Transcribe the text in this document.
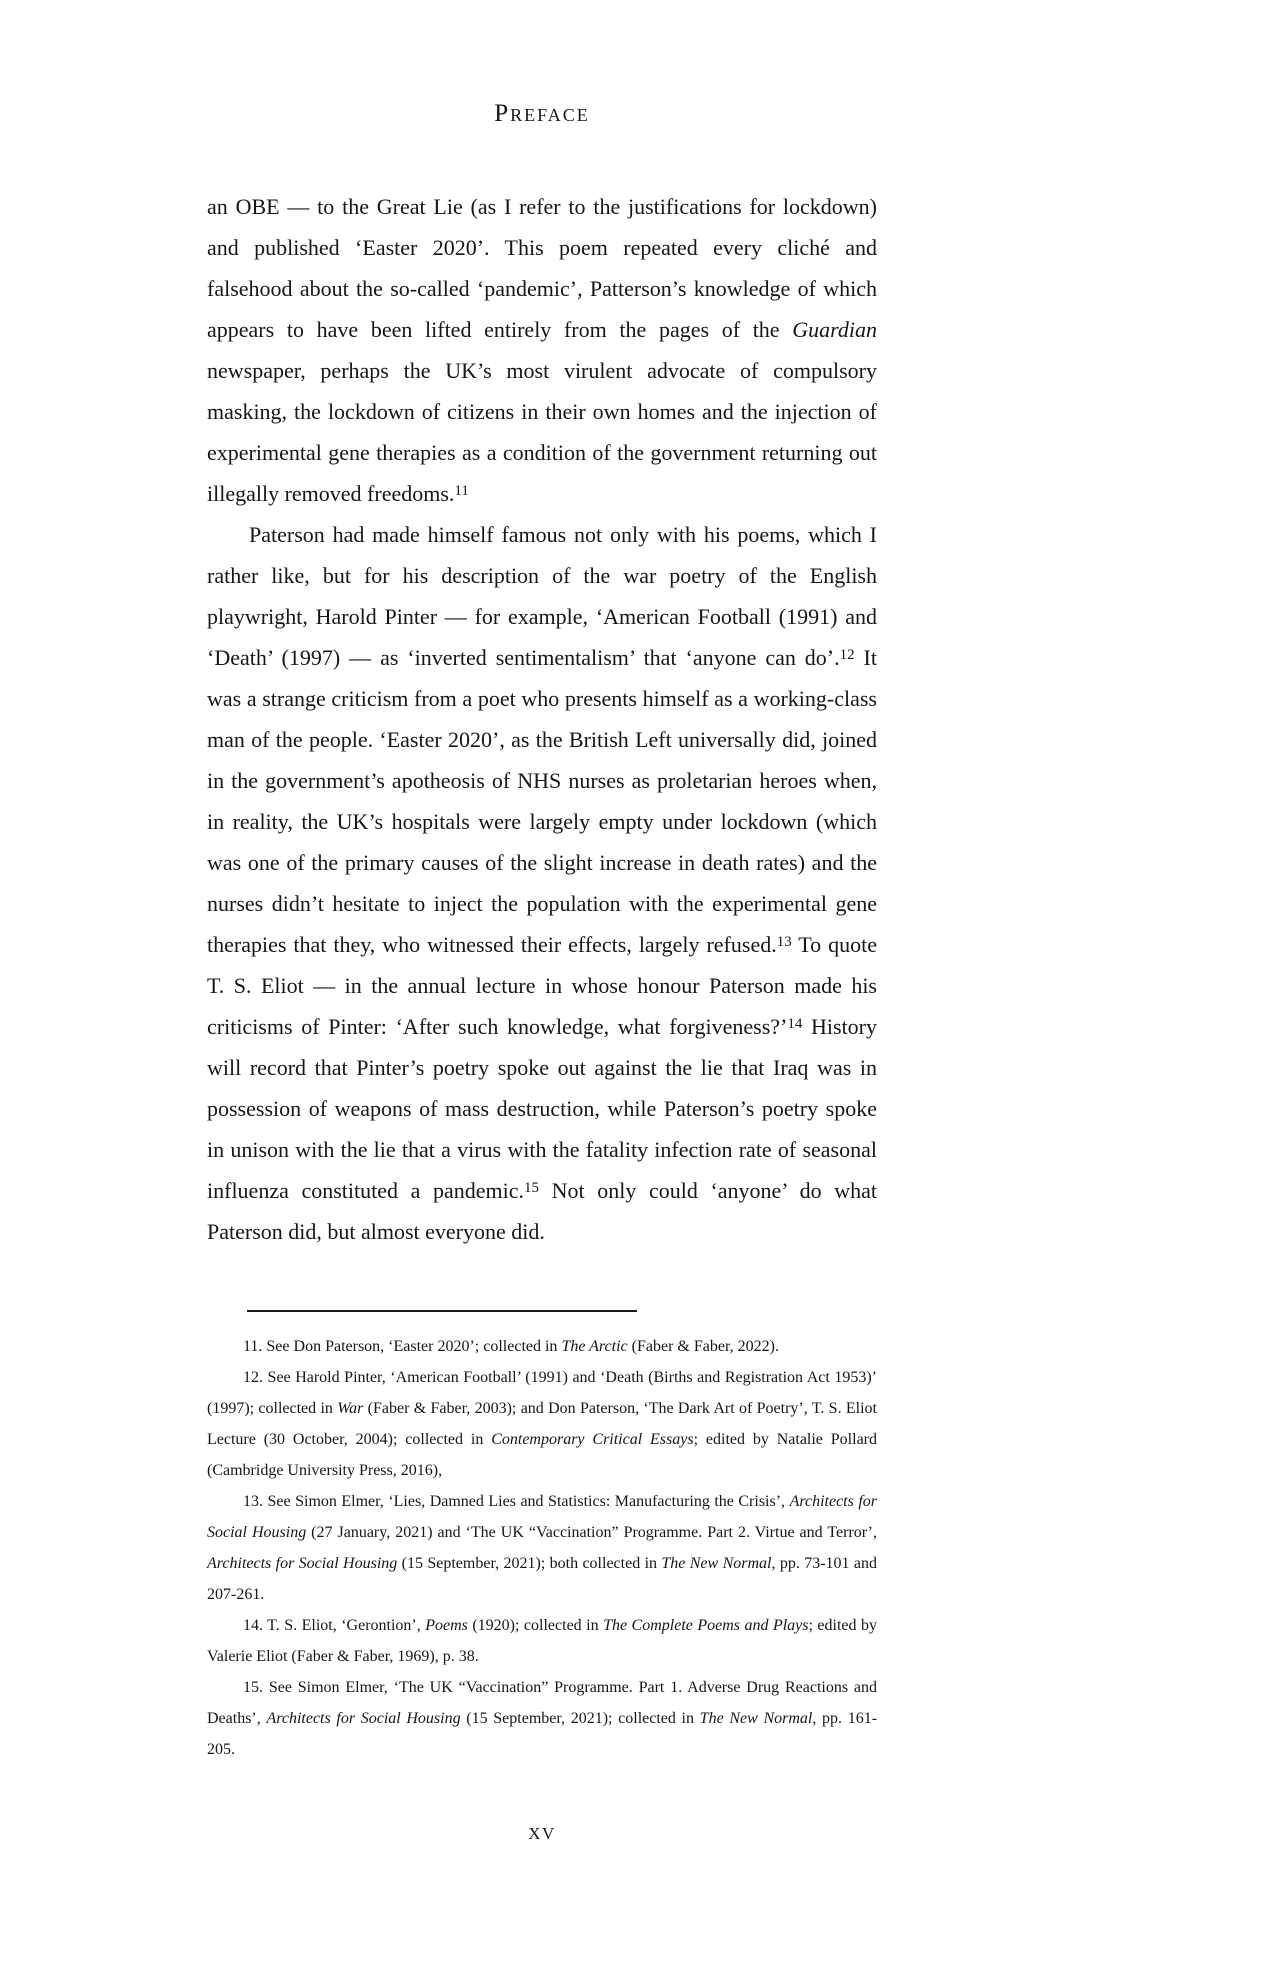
Preface

an OBE — to the Great Lie (as I refer to the justifications for lockdown) and published ‘Easter 2020’. This poem repeated every cliché and falsehood about the so-called ‘pandemic’, Patterson’s knowledge of which appears to have been lifted entirely from the pages of the Guardian newspaper, perhaps the UK’s most virulent advocate of compulsory masking, the lockdown of citizens in their own homes and the injection of experimental gene therapies as a condition of the government returning out illegally removed freedoms.$^{11}$

Paterson had made himself famous not only with his poems, which I rather like, but for his description of the war poetry of the English playwright, Harold Pinter — for example, ‘American Football (1991) and ‘Death’ (1997) — as ‘inverted sentimentalism’ that ‘anyone can do’.$^{12}$ It was a strange criticism from a poet who presents himself as a working-class man of the people. ‘Easter 2020’, as the British Left universally did, joined in the government’s apotheosis of NHS nurses as proletarian heroes when, in reality, the UK’s hospitals were largely empty under lockdown (which was one of the primary causes of the slight increase in death rates) and the nurses didn’t hesitate to inject the population with the experimental gene therapies that they, who witnessed their effects, largely refused.$^{13}$ To quote T. S. Eliot — in the annual lecture in whose honour Paterson made his criticisms of Pinter: ‘After such knowledge, what forgiveness?’$^{14}$ History will record that Pinter’s poetry spoke out against the lie that Iraq was in possession of weapons of mass destruction, while Paterson’s poetry spoke in unison with the lie that a virus with the fatality infection rate of seasonal influenza constituted a pandemic.$^{15}$ Not only could ‘anyone’ do what Paterson did, but almost everyone did.

11. See Don Paterson, ‘Easter 2020’; collected in The Arctic (Faber & Faber, 2022).

12. See Harold Pinter, ‘American Football’ (1991) and ‘Death (Births and Registration Act 1953)’ (1997); collected in War (Faber & Faber, 2003); and Don Paterson, ‘The Dark Art of Poetry’, T. S. Eliot Lecture (30 October, 2004); collected in Contemporary Critical Essays; edited by Natalie Pollard (Cambridge University Press, 2016),

13. See Simon Elmer, ‘Lies, Damned Lies and Statistics: Manufacturing the Crisis’, Architects for Social Housing (27 January, 2021) and ‘The UK “Vaccination” Programme. Part 2. Virtue and Terror’, Architects for Social Housing (15 September, 2021); both collected in The New Normal, pp. 73-101 and 207-261.

14. T. S. Eliot, ‘Gerontion’, Poems (1920); collected in The Complete Poems and Plays; edited by Valerie Eliot (Faber & Faber, 1969), p. 38.

15. See Simon Elmer, ‘The UK “Vaccination” Programme. Part 1. Adverse Drug Reactions and Deaths’, Architects for Social Housing (15 September, 2021); collected in The New Normal, pp. 161-205.

XV
